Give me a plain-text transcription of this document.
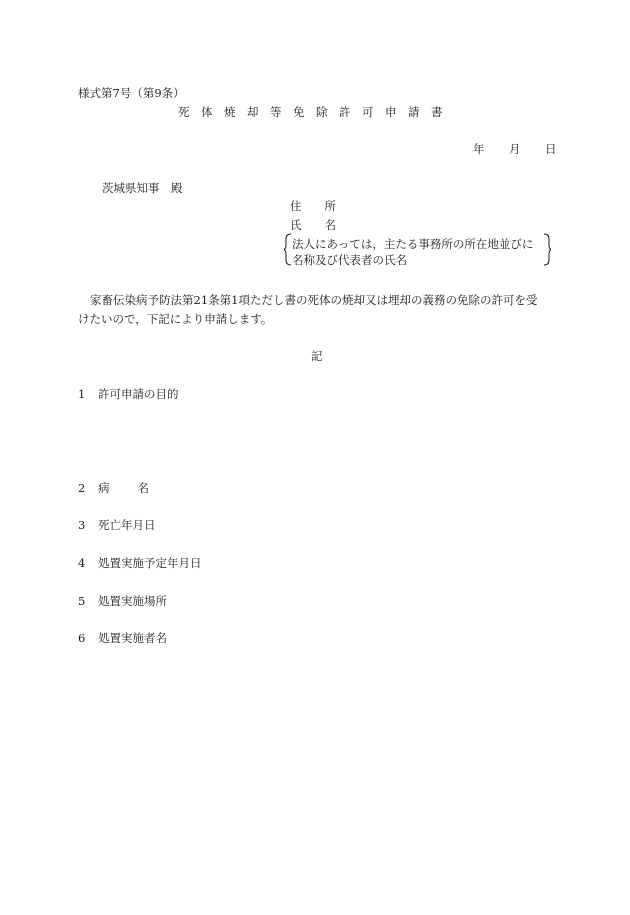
様式第7号（第9条）
死体焼却等免除許可申請書
年 月 日
茨城県知事　殿
住　　所
氏　　名
法人にあっては，主たる事務所の所在地並びに
名称及び代表者の氏名
家畜伝染病予防法第21条第1項ただし書の死体の焼却又は埋却の義務の免除の許可を受
けたいので，下記により申請します。
記
1 許可申請の目的
2 病名
3 死亡年月日
4 処置実施予定年月日
5 処置実施場所
6 処置実施者名
